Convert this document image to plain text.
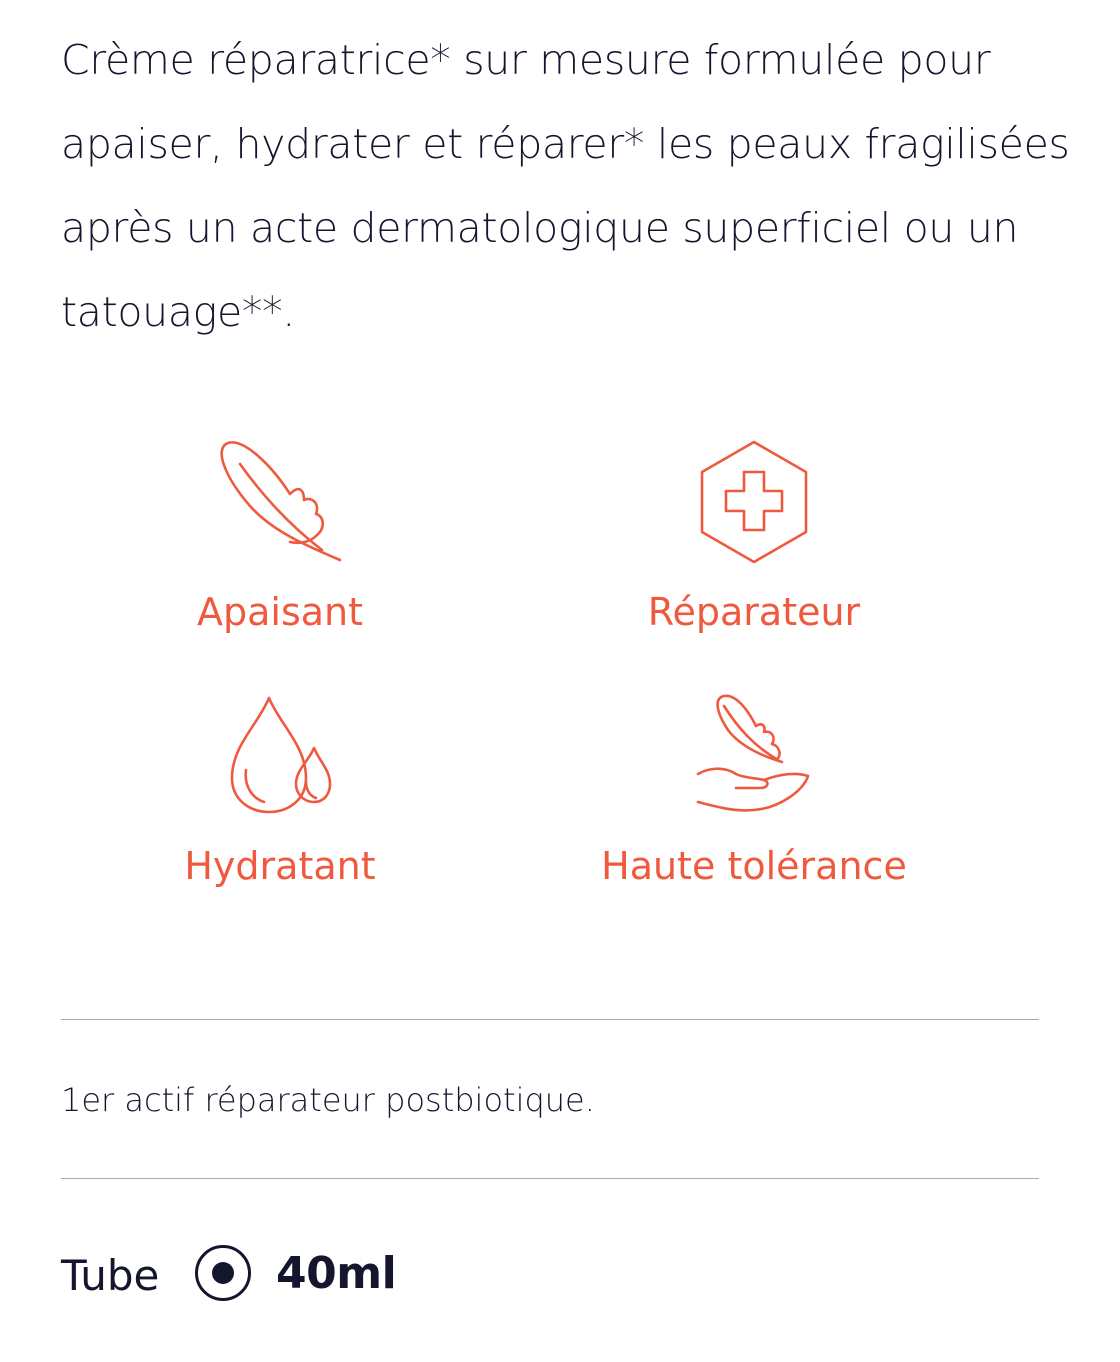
Crème réparatrice* sur mesure formulée pour apaiser, hydrater et réparer* les peaux fragilisées après un acte dermatologique superficiel ou un tatouage**.

Apaisant	Réparateur
Hydratant	Haute tolérance
1er actif réparateur postbiotique.
Tube	40ml
